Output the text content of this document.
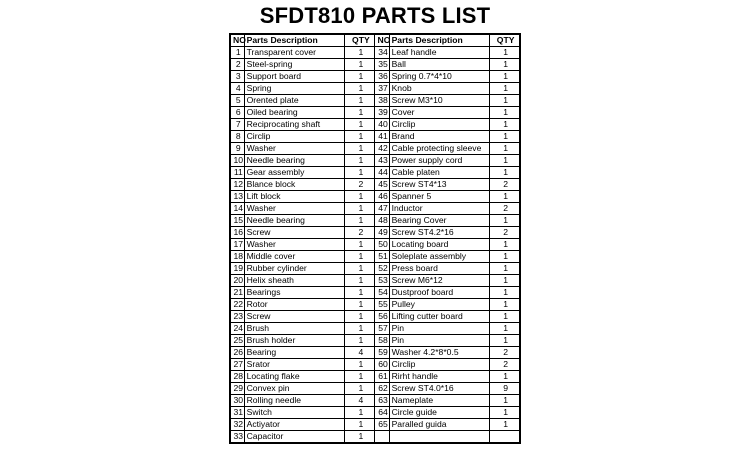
SFDT810 PARTS LIST
NO	Parts Description	QTY	NO	Parts Description	QTY
1	Transparent cover	1	34	Leaf handle	1
2	Steel-spring	1	35	Ball	1
3	Support board	1	36	Spring 0.7*4*10	1
4	Spring	1	37	Knob	1
5	Orented plate	1	38	Screw M3*10	1
6	Oiled bearing	1	39	Cover	1
7	Reciprocating shaft	1	40	Circlip	1
8	Circlip	1	41	Brand	1
9	Washer	1	42	Cable protecting sleeve	1
10	Needle bearing	1	43	Power supply cord	1
11	Gear assembly	1	44	Cable platen	1
12	Blance block	2	45	Screw ST4*13	2
13	Lift block	1	46	Spanner 5	1
14	Washer	1	47	Inductor	2
15	Needle bearing	1	48	Bearing Cover	1
16	Screw	2	49	Screw ST4.2*16	2
17	Washer	1	50	Locating board	1
18	Middle cover	1	51	Soleplate assembly	1
19	Rubber cylinder	1	52	Press board	1
20	Helix sheath	1	53	Screw M6*12	1
21	Bearings	1	54	Dustproof board	1
22	Rotor	1	55	Pulley	1
23	Screw	1	56	Lifting cutter board	1
24	Brush	1	57	Pin	1
25	Brush holder	1	58	Pin	1
26	Bearing	4	59	Washer 4.2*8*0.5	2
27	Srator	1	60	Circlip	2
28	Locating flake	1	61	Rirht handle	1
29	Convex pin	1	62	Screw ST4.0*16	9
30	Rolling needle	4	63	Nameplate	1
31	Switch	1	64	Circle guide	1
32	Actiyator	1	65	Paralled guida	1
33	Capacitor	1			
